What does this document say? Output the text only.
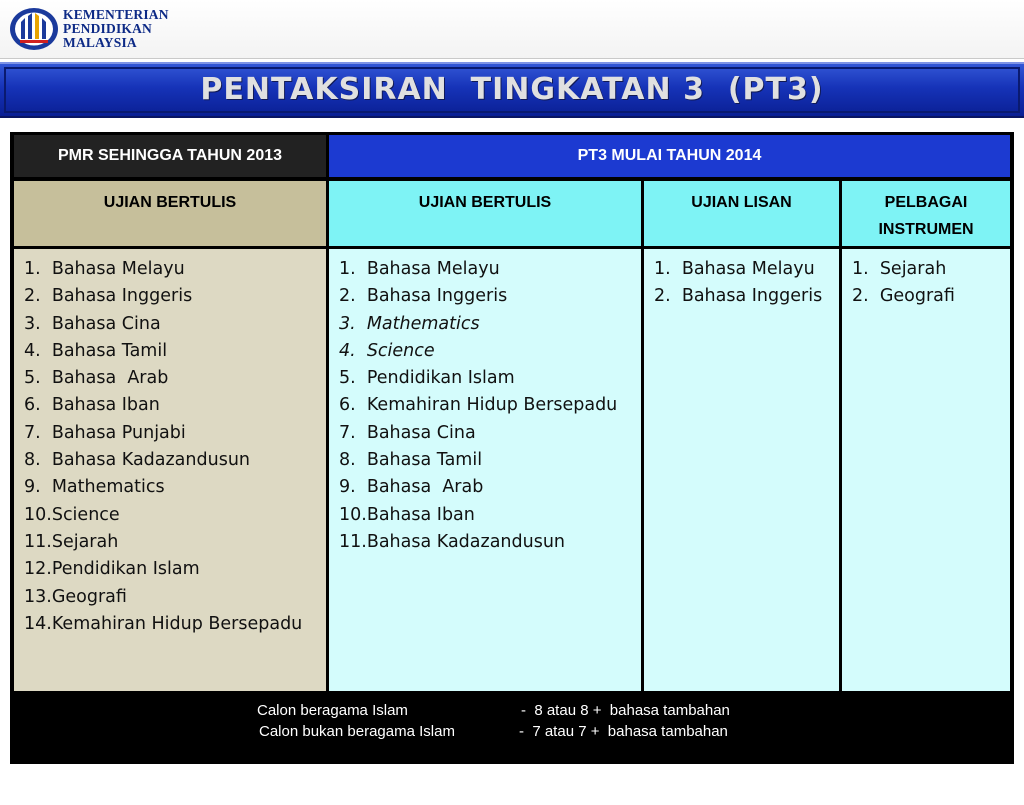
KEMENTERIAN
PENDIDIKAN
MALAYSIA
PENTAKSIRAN  TINGKATAN 3  (PT3)
PMR SEHINGGA TAHUN 2013	PT3 MULAI TAHUN 2014
UJIAN BERTULIS	UJIAN BERTULIS	UJIAN LISAN	PELBAGAI INSTRUMEN
1.  Bahasa Melayu
2.  Bahasa Inggeris
3.  Bahasa Cina
4.  Bahasa Tamil
5.  Bahasa  Arab
6.  Bahasa Iban
7.  Bahasa Punjabi
8.  Bahasa Kadazandusun
9.  Mathematics
10.Science
11.Sejarah
12.Pendidikan Islam
13.Geografi
14.Kemahiran Hidup Bersepadu
1.  Bahasa Melayu
2.  Bahasa Inggeris
3.  Mathematics
4.  Science
5.  Pendidikan Islam
6.  Kemahiran Hidup Bersepadu
7.  Bahasa Cina
8.  Bahasa Tamil
9.  Bahasa  Arab
10.Bahasa Iban
11.Bahasa Kadazandusun
1.  Bahasa Melayu
2.  Bahasa Inggeris
1.  Sejarah
2.  Geografi

Calon beragama Islam

	-  8 atau 8 +  bahasa tambahan

Calon bukan beragama Islam

	-  7 atau 7 +  bahasa tambahan
